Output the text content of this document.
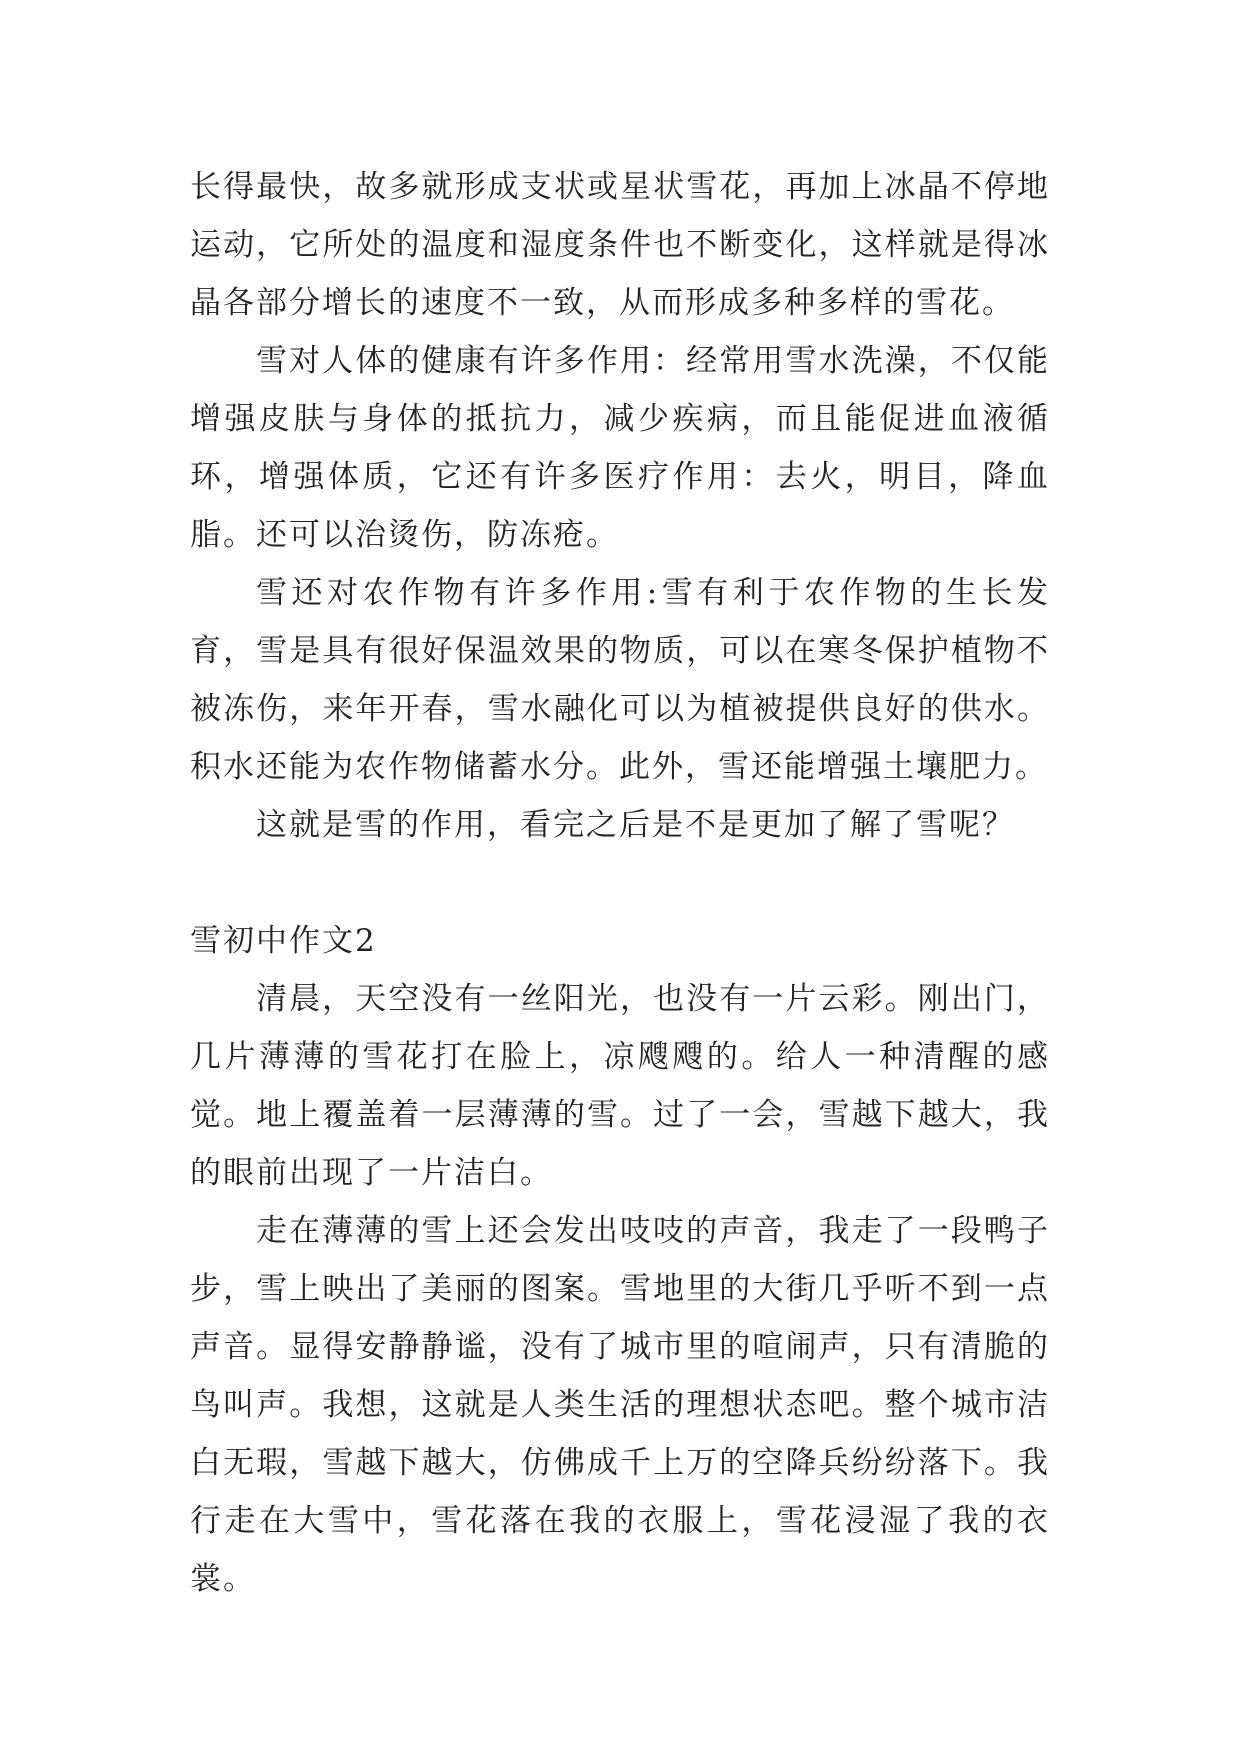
长得最快，故多就形成支状或星状雪花，再加上冰晶不停地运动，它所处的温度和湿度条件也不断变化，这样就是得冰晶各部分增长的速度不一致，从而形成多种多样的雪花。

雪对人体的健康有许多作用：经常用雪水洗澡，不仅能增强皮肤与身体的抵抗力，减少疾病，而且能促进血液循环，增强体质，它还有许多医疗作用：去火，明目，降血脂。还可以治烫伤，防冻疮。

雪还对农作物有许多作用:雪有利于农作物的生长发育，雪是具有很好保温效果的物质，可以在寒冬保护植物不被冻伤，来年开春，雪水融化可以为植被提供良好的供水。积水还能为农作物储蓄水分。此外，雪还能增强土壤肥力。

这就是雪的作用，看完之后是不是更加了解了雪呢？

雪初中作文2

清晨，天空没有一丝阳光，也没有一片云彩。刚出门，几片薄薄的雪花打在脸上，凉飕飕的。给人一种清醒的感觉。地上覆盖着一层薄薄的雪。过了一会，雪越下越大，我的眼前出现了一片洁白。

走在薄薄的雪上还会发出吱吱的声音，我走了一段鸭子步，雪上映出了美丽的图案。雪地里的大街几乎听不到一点声音。显得安静静谧，没有了城市里的喧闹声，只有清脆的鸟叫声。我想，这就是人类生活的理想状态吧。整个城市洁白无瑕，雪越下越大，仿佛成千上万的空降兵纷纷落下。我行走在大雪中，雪花落在我的衣服上，雪花浸湿了我的衣裳。
